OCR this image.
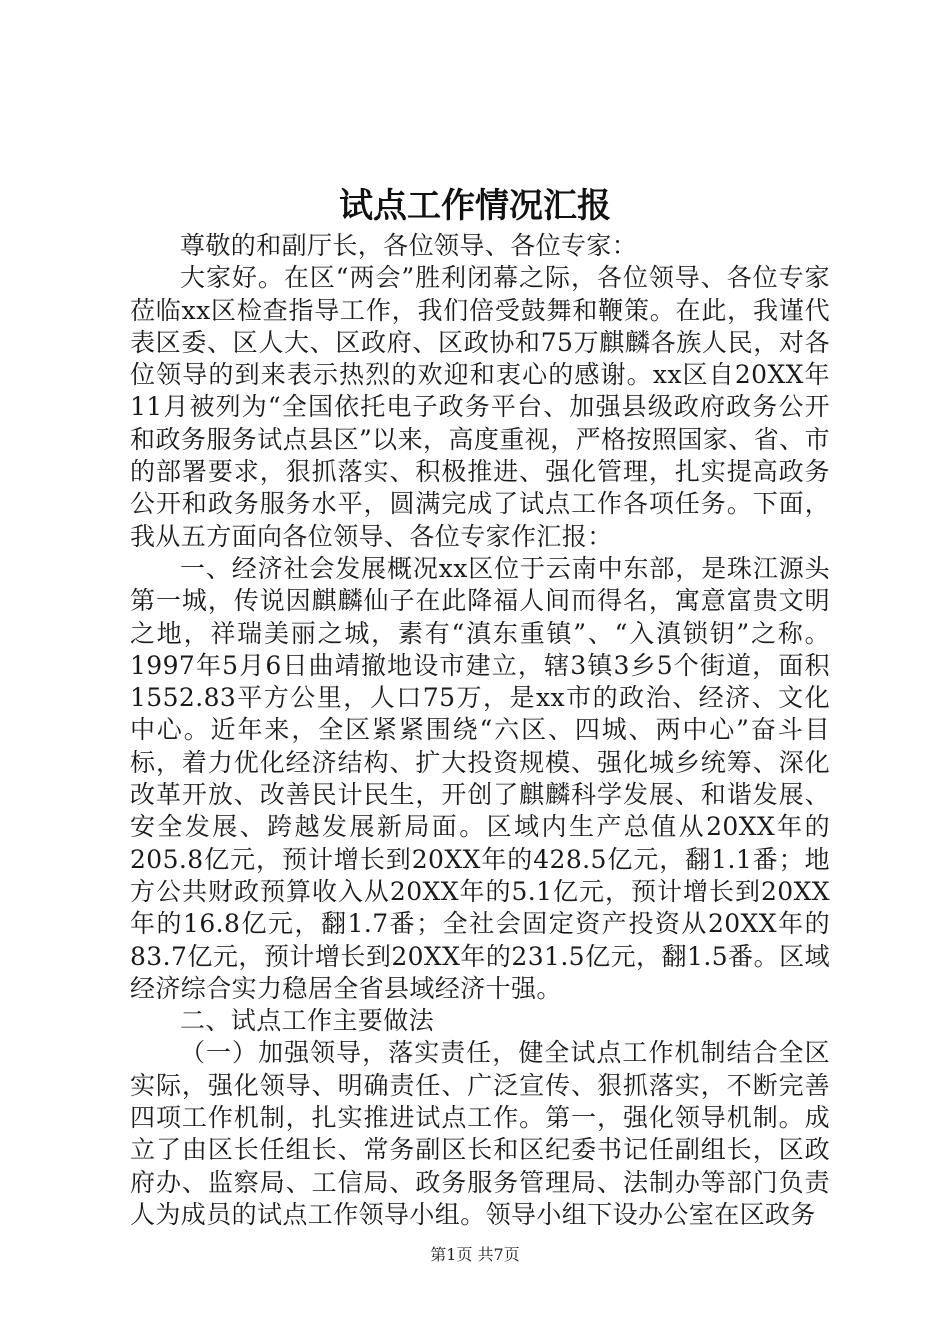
试点工作情况汇报

尊敬的和副厅长，各位领导、各位专家：

大家好。在区“两会”胜利闭幕之际，各位领导、各位专家莅临xx区检查指导工作，我们倍受鼓舞和鞭策。在此，我谨代表区委、区人大、区政府、区政协和75万麒麟各族人民，对各位领导的到来表示热烈的欢迎和衷心的感谢。xx区自20XX年11月被列为“全国依托电子政务平台、加强县级政府政务公开和政务服务试点县区”以来，高度重视，严格按照国家、省、市的部署要求，狠抓落实、积极推进、强化管理，扎实提高政务公开和政务服务水平，圆满完成了试点工作各项任务。下面，我从五方面向各位领导、各位专家作汇报：

一、经济社会发展概况xx区位于云南中东部，是珠江源头第一城，传说因麒麟仙子在此降福人间而得名，寓意富贵文明之地，祥瑞美丽之城，素有“滇东重镇”、“入滇锁钥”之称。1997年5月6日曲靖撤地设市建立，辖3镇3乡5个街道，面积1552.83平方公里，人口75万，是xx市的政治、经济、文化中心。近年来，全区紧紧围绕“六区、四城、两中心”奋斗目标，着力优化经济结构、扩大投资规模、强化城乡统筹、深化改革开放、改善民计民生，开创了麒麟科学发展、和谐发展、安全发展、跨越发展新局面。区域内生产总值从20XX年的205.8亿元，预计增长到20XX年的428.5亿元，翻1.1番；地方公共财政预算收入从20XX年的5.1亿元，预计增长到20XX年的16.8亿元，翻1.7番；全社会固定资产投资从20XX年的83.7亿元，预计增长到20XX年的231.5亿元，翻1.5番。区域经济综合实力稳居全省县域经济十强。

二、试点工作主要做法

（一）加强领导，落实责任，健全试点工作机制结合全区实际，强化领导、明确责任、广泛宣传、狠抓落实，不断完善四项工作机制，扎实推进试点工作。第一，强化领导机制。成立了由区长任组长、常务副区长和区纪委书记任副组长，区政府办、监察局、工信局、政务服务管理局、法制办等部门负责人为成员的试点工作领导小组。领导小组下设办公室在区政务

第1页 共7页
